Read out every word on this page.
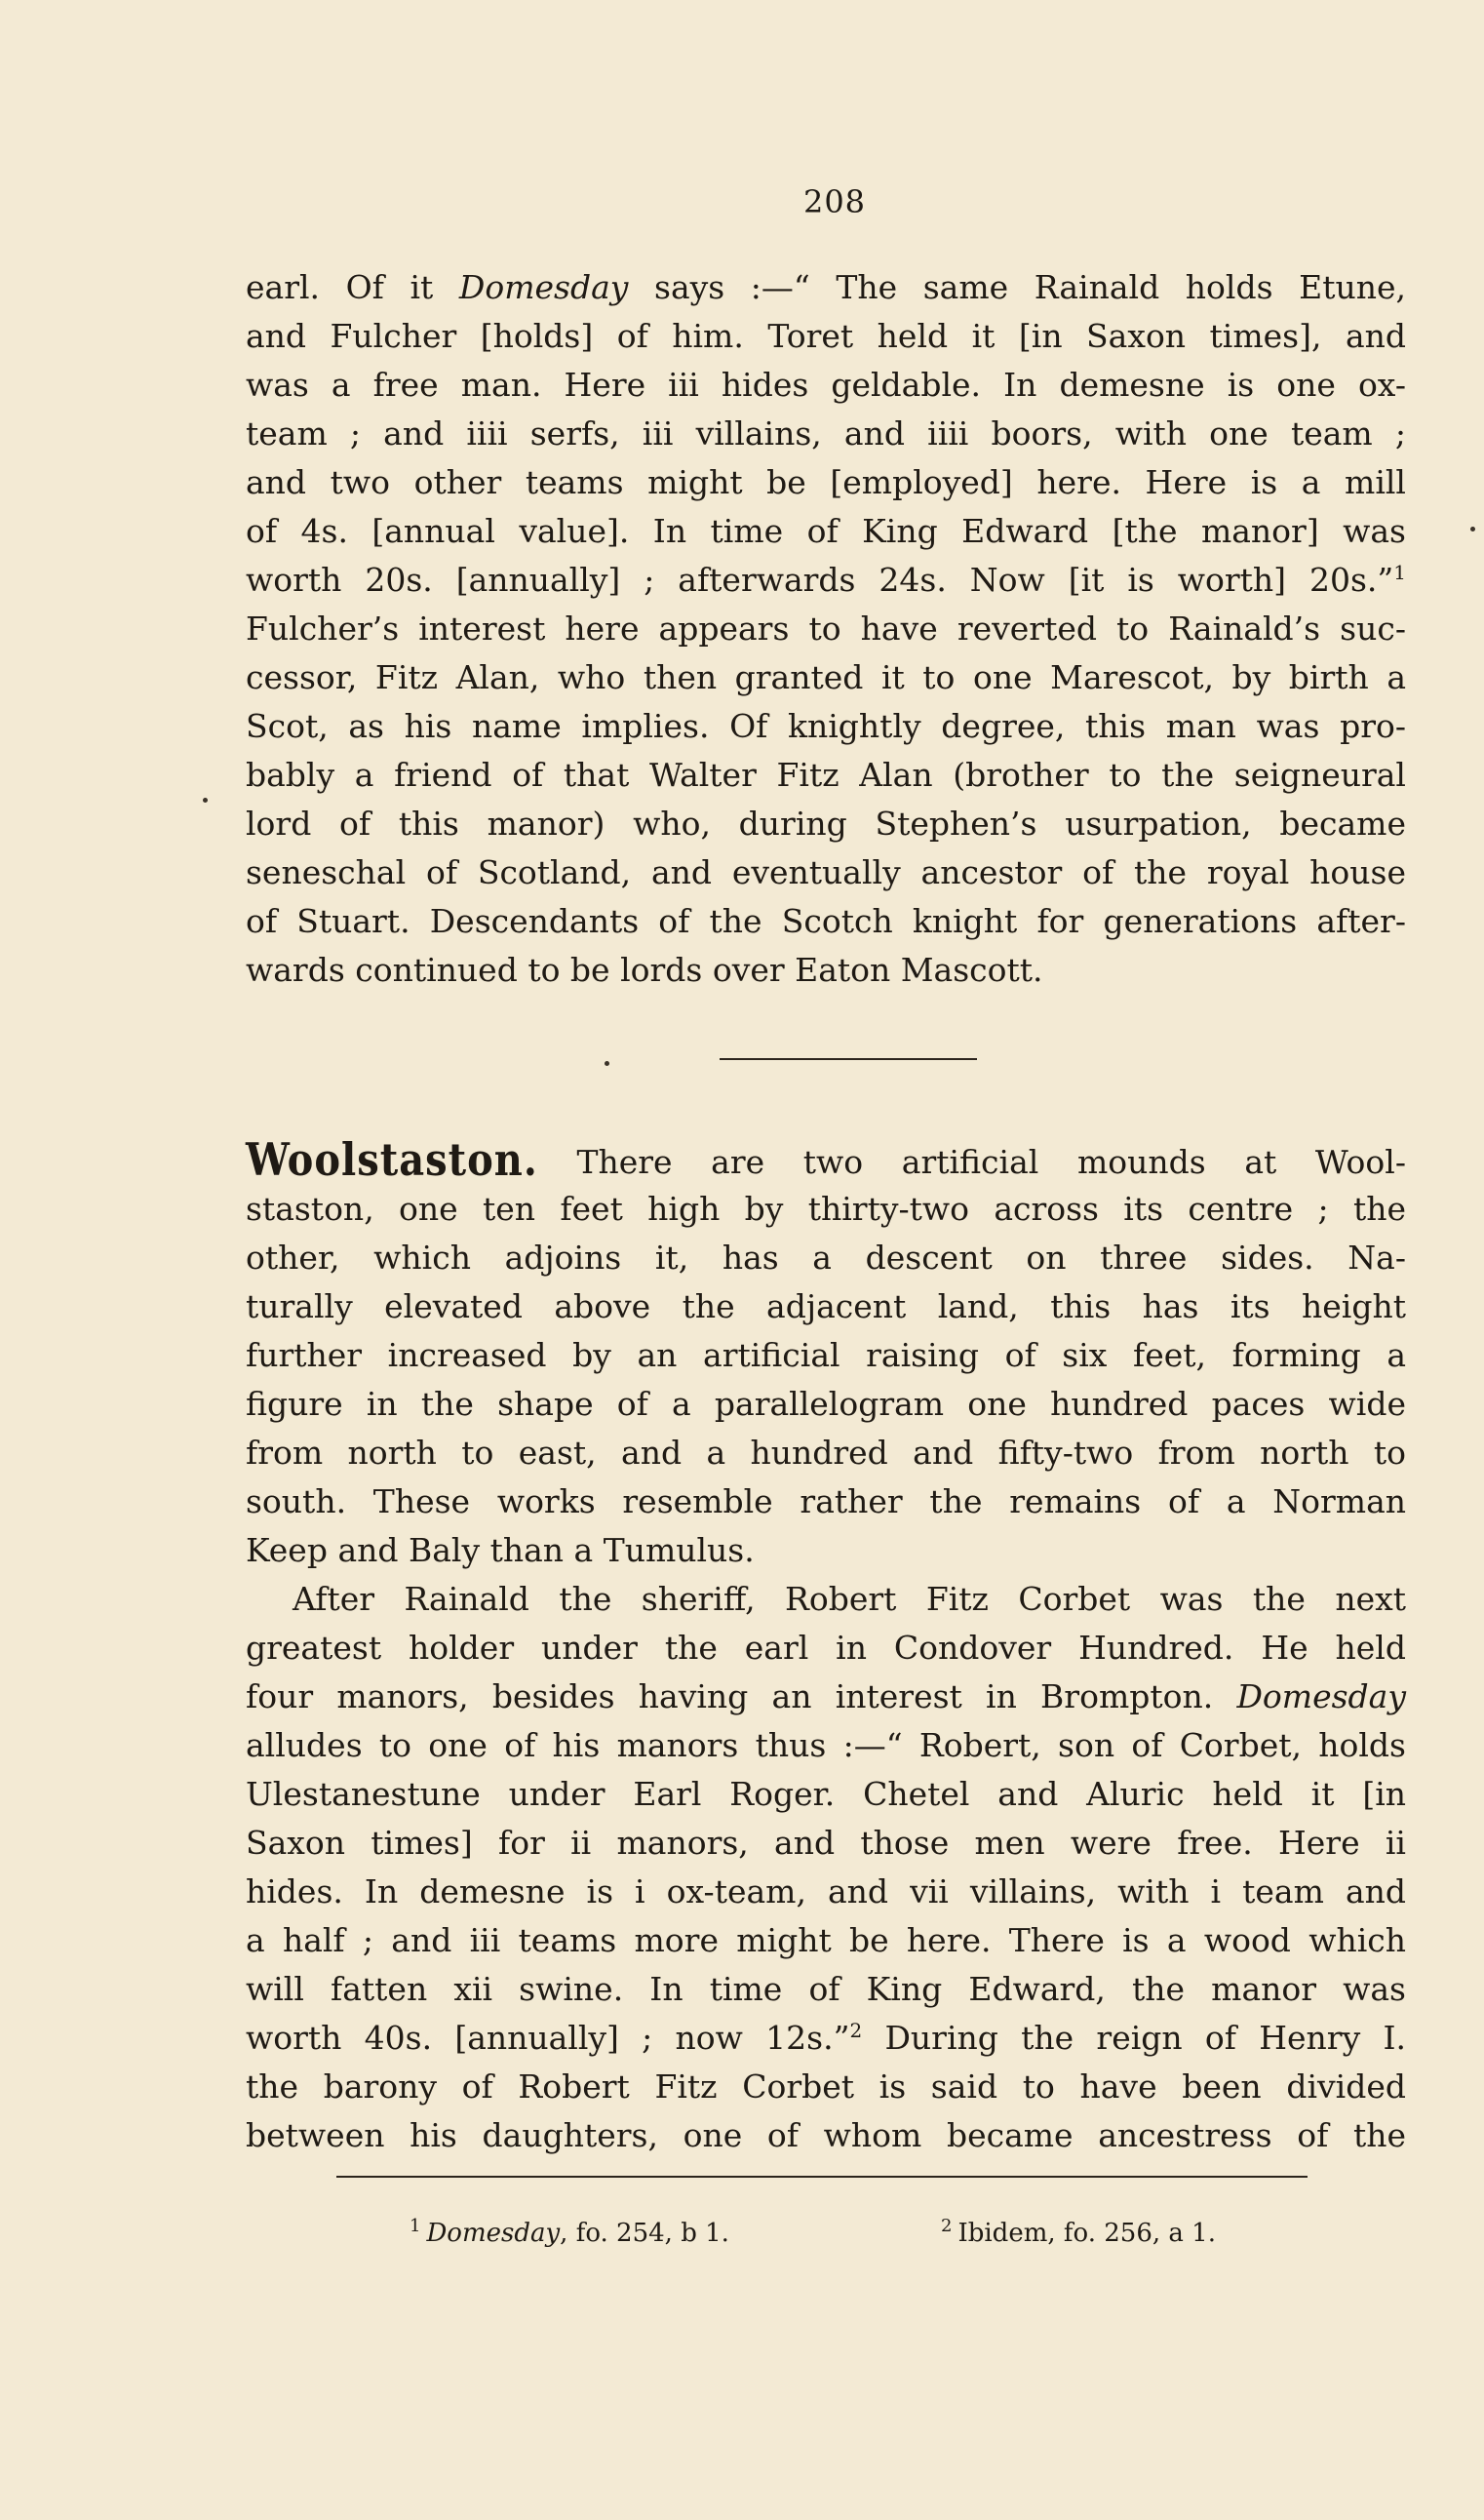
208
earl. Of it Domesday says :—“ The same Rainald holds Etune,
and Fulcher [holds] of him. Toret held it [in Saxon times], and
was a free man. Here iii hides geldable. In demesne is one ox-
team ; and iiii serfs, iii villains, and iiii boors, with one team ;
and two other teams might be [employed] here. Here is a mill
of 4s. [annual value]. In time of King Edward [the manor] was
worth 20s. [annually] ; afterwards 24s. Now [it is worth] 20s.”$^1$
Fulcher’s interest here appears to have reverted to Rainald’s suc-
cessor, Fitz Alan, who then granted it to one Marescot, by birth a
Scot, as his name implies. Of knightly degree, this man was pro-
bably a friend of that Walter Fitz Alan (brother to the seigneural
lord of this manor) who, during Stephen’s usurpation, became
seneschal of Scotland, and eventually ancestor of the royal house
of Stuart. Descendants of the Scotch knight for generations after-
wards continued to be lords over Eaton Mascott.
Woolstaston. There are two artificial mounds at Wool-
staston, one ten feet high by thirty-two across its centre ; the
other, which adjoins it, has a descent on three sides. Na-
turally elevated above the adjacent land, this has its height
further increased by an artificial raising of six feet, forming a
figure in the shape of a parallelogram one hundred paces wide
from north to east, and a hundred and fifty-two from north to
south. These works resemble rather the remains of a Norman
Keep and Baly than a Tumulus.
After Rainald the sheriff, Robert Fitz Corbet was the next
greatest holder under the earl in Condover Hundred. He held
four manors, besides having an interest in Brompton. Domesday
alludes to one of his manors thus :—“ Robert, son of Corbet, holds
Ulestanestune under Earl Roger. Chetel and Aluric held it [in
Saxon times] for ii manors, and those men were free. Here ii
hides. In demesne is i ox-team, and vii villains, with i team and
a half ; and iii teams more might be here. There is a wood which
will fatten xii swine. In time of King Edward, the manor was
worth 40s. [annually] ; now 12s.”$^2$ During the reign of Henry I.
the barony of Robert Fitz Corbet is said to have been divided
between his daughters, one of whom became ancestress of the
$^1$ Domesday, fo. 254, b 1.	$^2$ Ibidem, fo. 256, a 1.
